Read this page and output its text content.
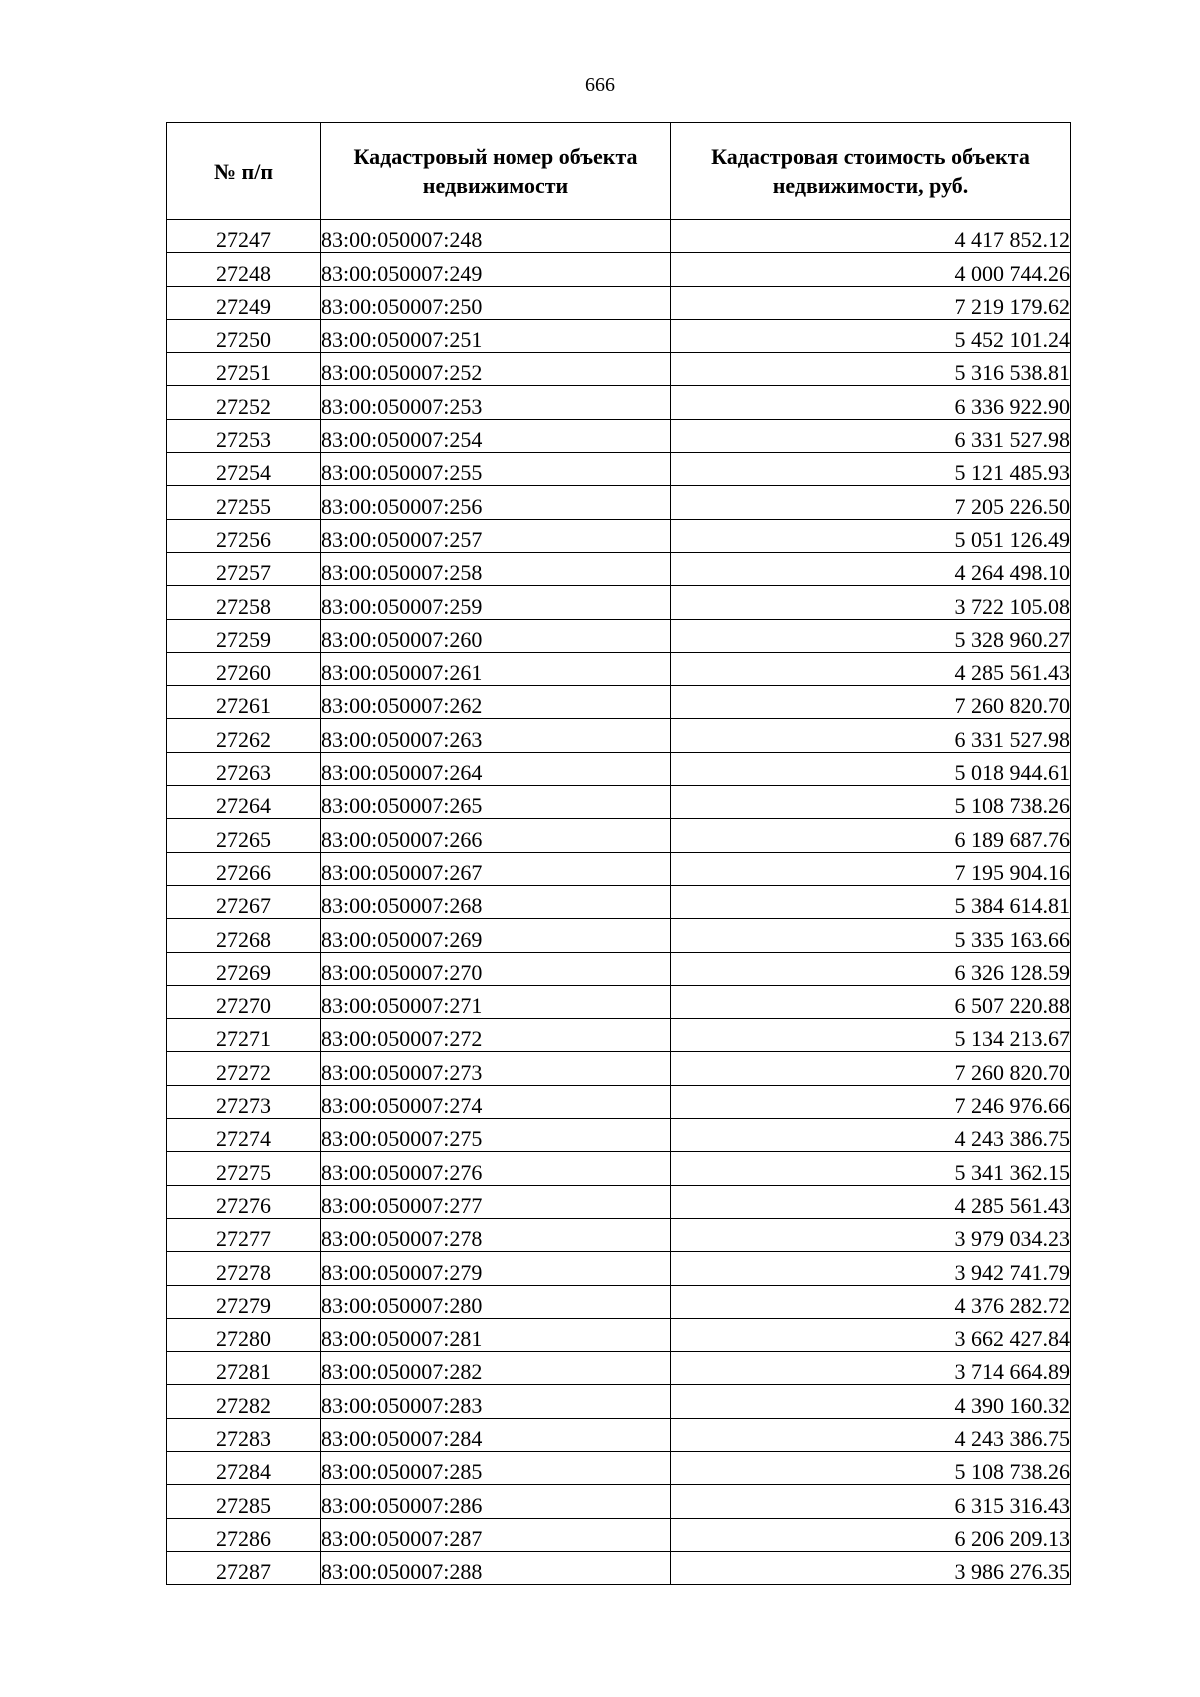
666
№ п/п	Кадастровый номер объекта недвижимости	Кадастровая стоимость объекта недвижимости, руб.
27247	83:00:050007:248	4 417 852.12
27248	83:00:050007:249	4 000 744.26
27249	83:00:050007:250	7 219 179.62
27250	83:00:050007:251	5 452 101.24
27251	83:00:050007:252	5 316 538.81
27252	83:00:050007:253	6 336 922.90
27253	83:00:050007:254	6 331 527.98
27254	83:00:050007:255	5 121 485.93
27255	83:00:050007:256	7 205 226.50
27256	83:00:050007:257	5 051 126.49
27257	83:00:050007:258	4 264 498.10
27258	83:00:050007:259	3 722 105.08
27259	83:00:050007:260	5 328 960.27
27260	83:00:050007:261	4 285 561.43
27261	83:00:050007:262	7 260 820.70
27262	83:00:050007:263	6 331 527.98
27263	83:00:050007:264	5 018 944.61
27264	83:00:050007:265	5 108 738.26
27265	83:00:050007:266	6 189 687.76
27266	83:00:050007:267	7 195 904.16
27267	83:00:050007:268	5 384 614.81
27268	83:00:050007:269	5 335 163.66
27269	83:00:050007:270	6 326 128.59
27270	83:00:050007:271	6 507 220.88
27271	83:00:050007:272	5 134 213.67
27272	83:00:050007:273	7 260 820.70
27273	83:00:050007:274	7 246 976.66
27274	83:00:050007:275	4 243 386.75
27275	83:00:050007:276	5 341 362.15
27276	83:00:050007:277	4 285 561.43
27277	83:00:050007:278	3 979 034.23
27278	83:00:050007:279	3 942 741.79
27279	83:00:050007:280	4 376 282.72
27280	83:00:050007:281	3 662 427.84
27281	83:00:050007:282	3 714 664.89
27282	83:00:050007:283	4 390 160.32
27283	83:00:050007:284	4 243 386.75
27284	83:00:050007:285	5 108 738.26
27285	83:00:050007:286	6 315 316.43
27286	83:00:050007:287	6 206 209.13
27287	83:00:050007:288	3 986 276.35
